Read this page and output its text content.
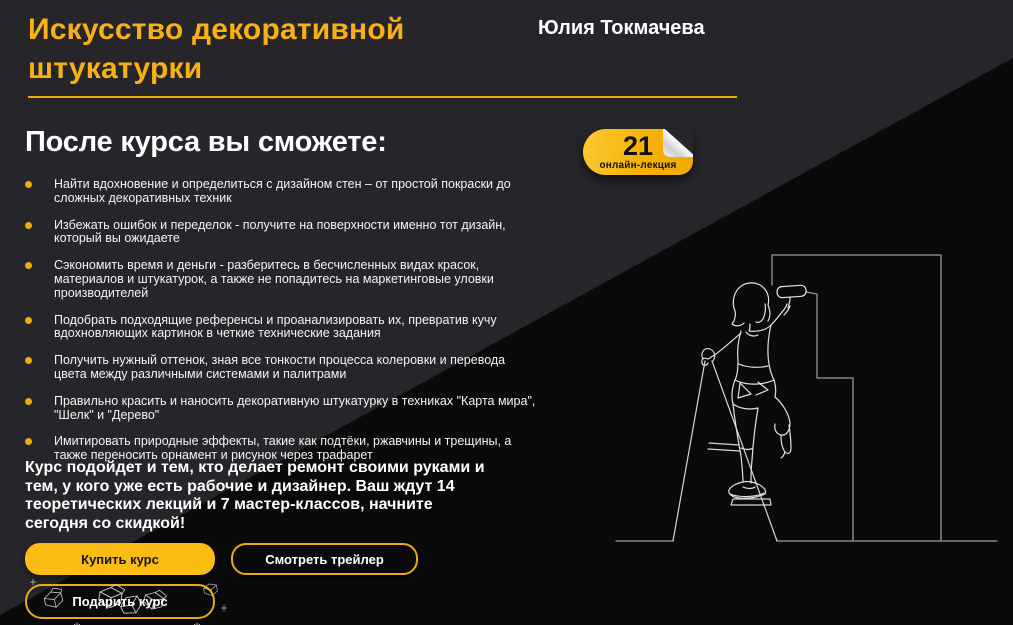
Искусство декоративной
штукатурки
Юлия Токмачева
После курса вы сможете:	21
онлайн-лекция
Найти вдохновение и определиться с дизайном стен – от простой покраски до сложных декоративных техник
Избежать ошибок и переделок - получите на поверхности именно тот дизайн, который вы ожидаете
Сэкономить время и деньги - разберитесь в бесчисленных видах красок, материалов и штукатурок, а также не попадитесь на маркетинговые уловки производителей
Подобрать подходящие референсы и проанализировать их, превратив кучу вдохновляющих картинок в четкие технические задания
Получить нужный оттенок, зная все тонкости процесса колеровки и перевода цвета между различными системами и палитрами
Правильно красить и наносить декоративную штукатурку в техниках "Карта мира", "Шелк" и "Дерево"
Имитировать природные эффекты, такие как подтёки, ржавчины и трещины, а также переносить орнамент и рисунок через трафарет

Курс подойдет и тем, кто делает ремонт своими руками и тем, у кого уже есть рабочие и дизайнер. Ваш ждут 14 теоретических лекций и 7 мастер-классов, начните сегодня со скидкой!

Купить курс	Смотреть трейлер
Подарить курс
